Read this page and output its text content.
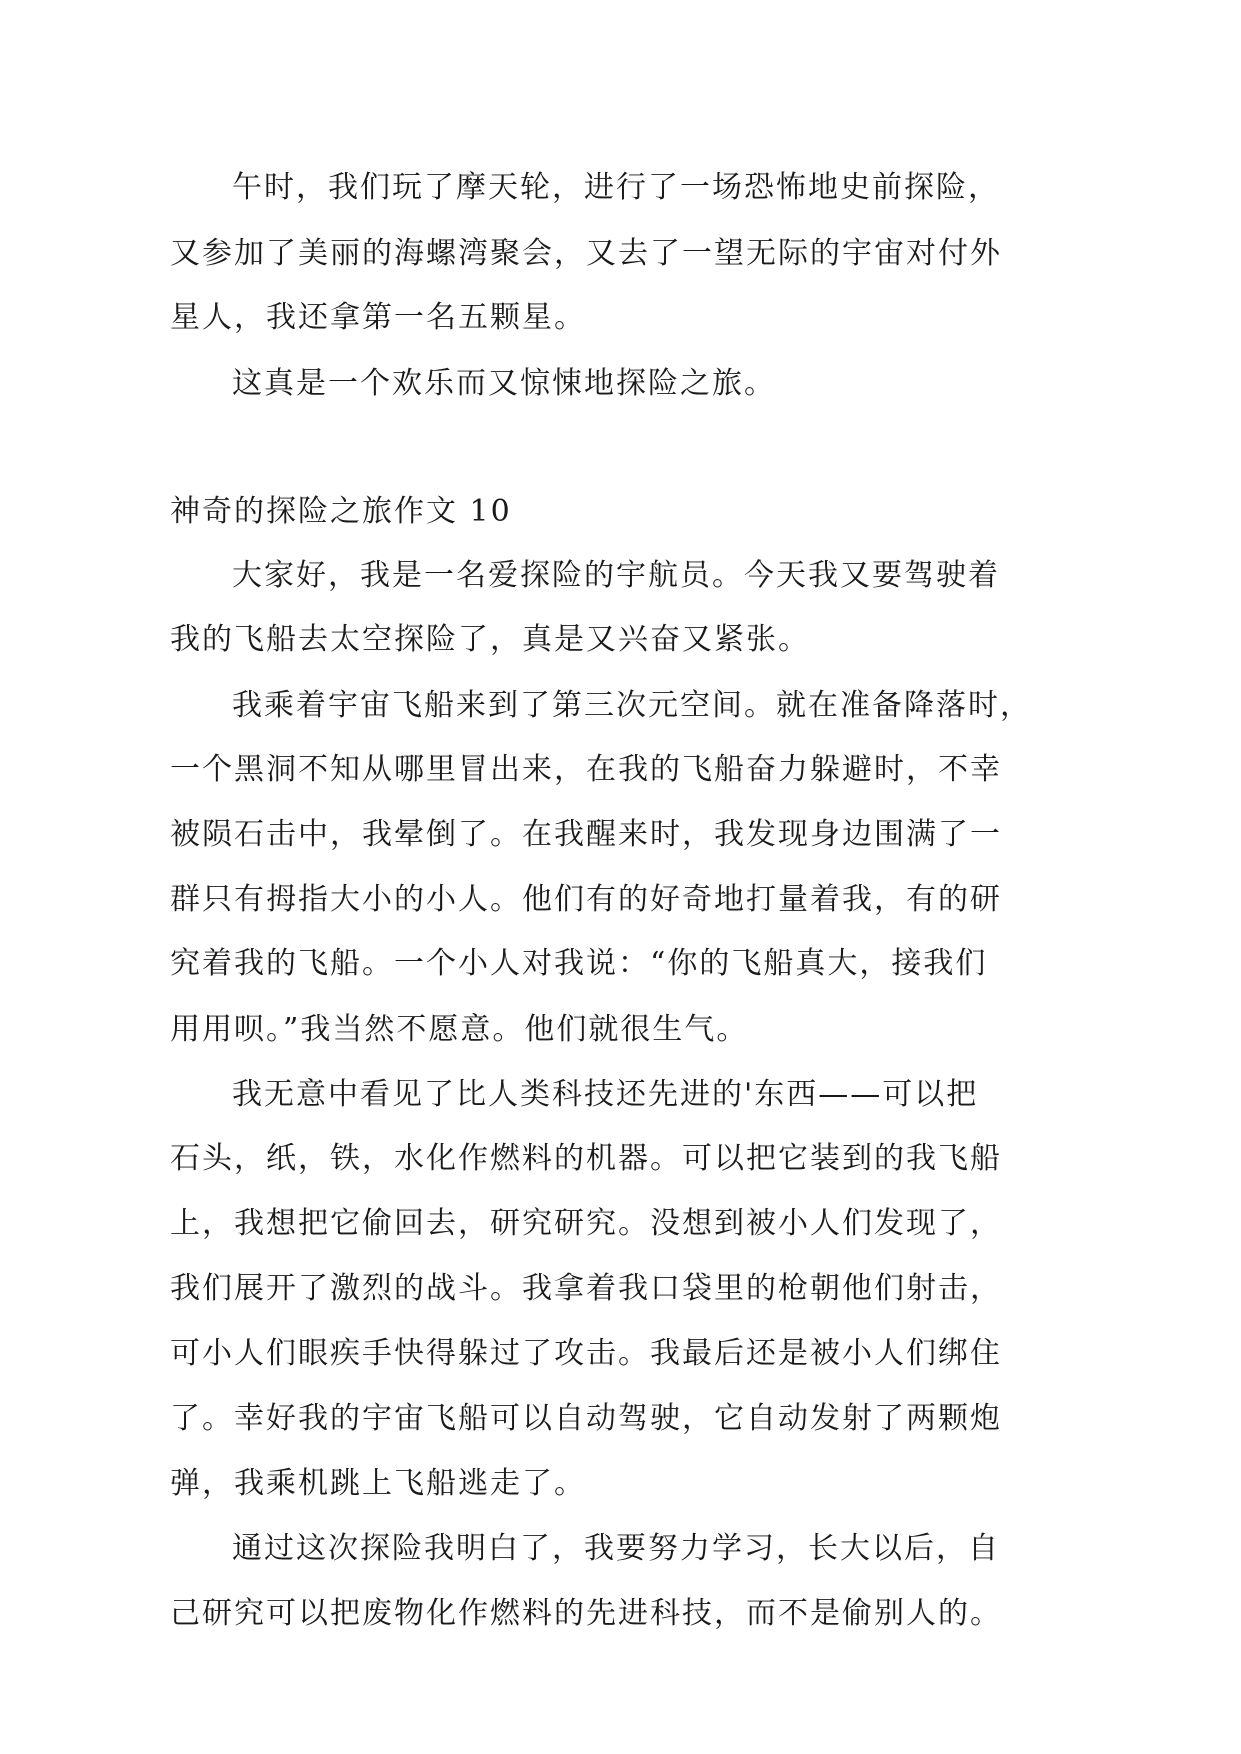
午时，我们玩了摩天轮，进行了一场恐怖地史前探险，
又参加了美丽的海螺湾聚会，又去了一望无际的宇宙对付外
星人，我还拿第一名五颗星。
这真是一个欢乐而又惊悚地探险之旅。
神奇的探险之旅作文 10
大家好，我是一名爱探险的宇航员。今天我又要驾驶着
我的飞船去太空探险了，真是又兴奋又紧张。
我乘着宇宙飞船来到了第三次元空间。就在准备降落时，
一个黑洞不知从哪里冒出来，在我的飞船奋力躲避时，不幸
被陨石击中，我晕倒了。在我醒来时，我发现身边围满了一
群只有拇指大小的小人。他们有的好奇地打量着我，有的研
究着我的飞船。一个小人对我说：“你的飞船真大，接我们
用用呗。”我当然不愿意。他们就很生气。
我无意中看见了比人类科技还先进的'东西——可以把
石头，纸，铁，水化作燃料的机器。可以把它装到的我飞船
上，我想把它偷回去，研究研究。没想到被小人们发现了，
我们展开了激烈的战斗。我拿着我口袋里的枪朝他们射击，
可小人们眼疾手快得躲过了攻击。我最后还是被小人们绑住
了。幸好我的宇宙飞船可以自动驾驶，它自动发射了两颗炮
弹，我乘机跳上飞船逃走了。
通过这次探险我明白了，我要努力学习，长大以后，自
己研究可以把废物化作燃料的先进科技，而不是偷别人的。
